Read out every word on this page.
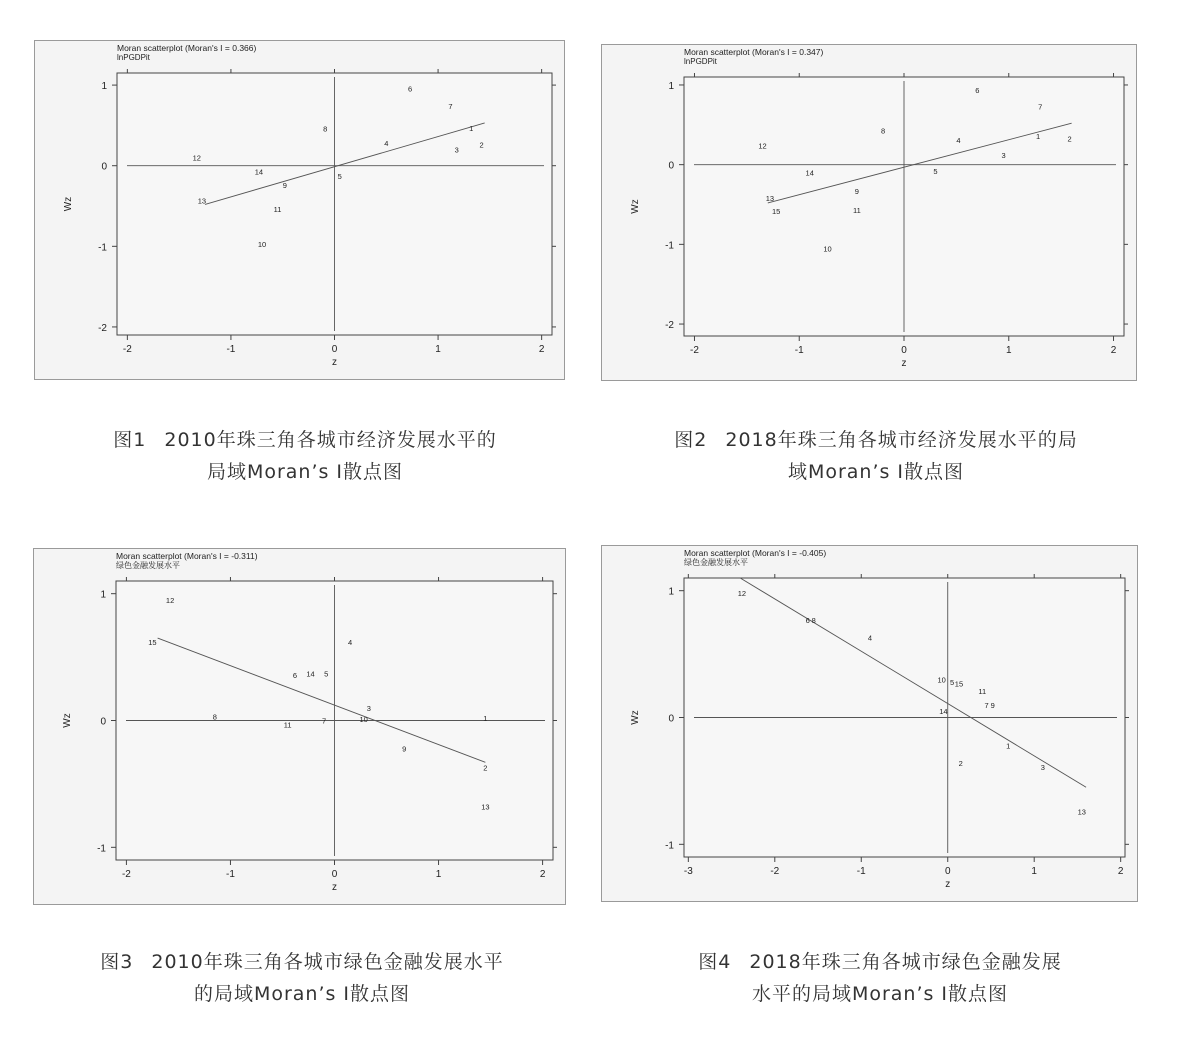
Moran scatterplot (Moran's I = 0.366)
lnPGDPit
-2	-1	0	1	2
-2
-1
0
1
z
Wz
1
2
3
4
5
6
7
8
9
10
11
12
13
14
图1 2010年珠三角各城市经济发展水平的
局域Moran’s I散点图
Moran scatterplot (Moran's I = 0.347)
lnPGDPit
-2	-1	0	1	2
-2
-1
0
1
z
Wz
1	2
3
4
5
6
7
8
9
10
11
12
13
14
15
图2 2018年珠三角各城市经济发展水平的局
域Moran’s I散点图
Moran scatterplot (Moran's I = -0.311)
绿色金融发展水平
-2	-1	0	1	2
-1
0
1
z
Wz	1
2
3
4
5
6
7
8
9
10
11
12
13
14
15
图3 2010年珠三角各城市绿色金融发展水平
的局域Moran’s I散点图
Moran scatterplot (Moran's I = -0.405)
绿色金融发展水平
-3	-2	-1	0	1	2
-1
0
1
z
Wz
1
2	3
4
5
6
7
8
9
10
11
12
13
14
15
图4 2018年珠三角各城市绿色金融发展
水平的局域Moran’s I散点图
